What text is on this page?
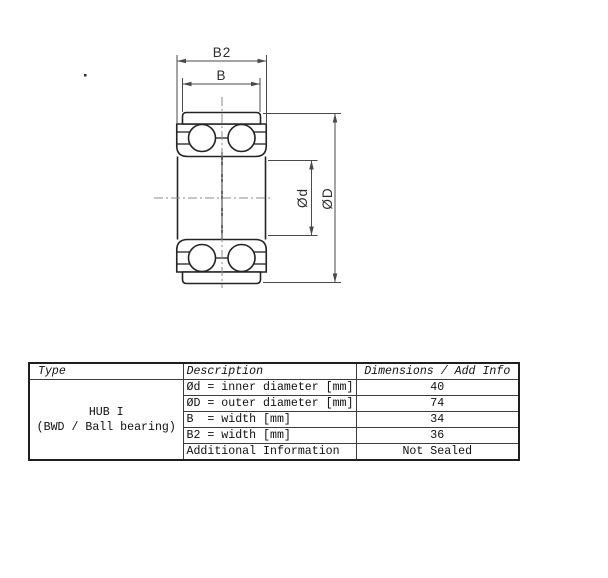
B2
B
Ød ØD
Type	Description	Dimensions / Add Info

HUB I
(BWD / Ball bearing)	Ød = inner diameter [mm]	40
	ØD = outer diameter [mm]	74
	B  = width [mm]	34
	B2 = width [mm]	36
	Additional Information	Not Sealed
